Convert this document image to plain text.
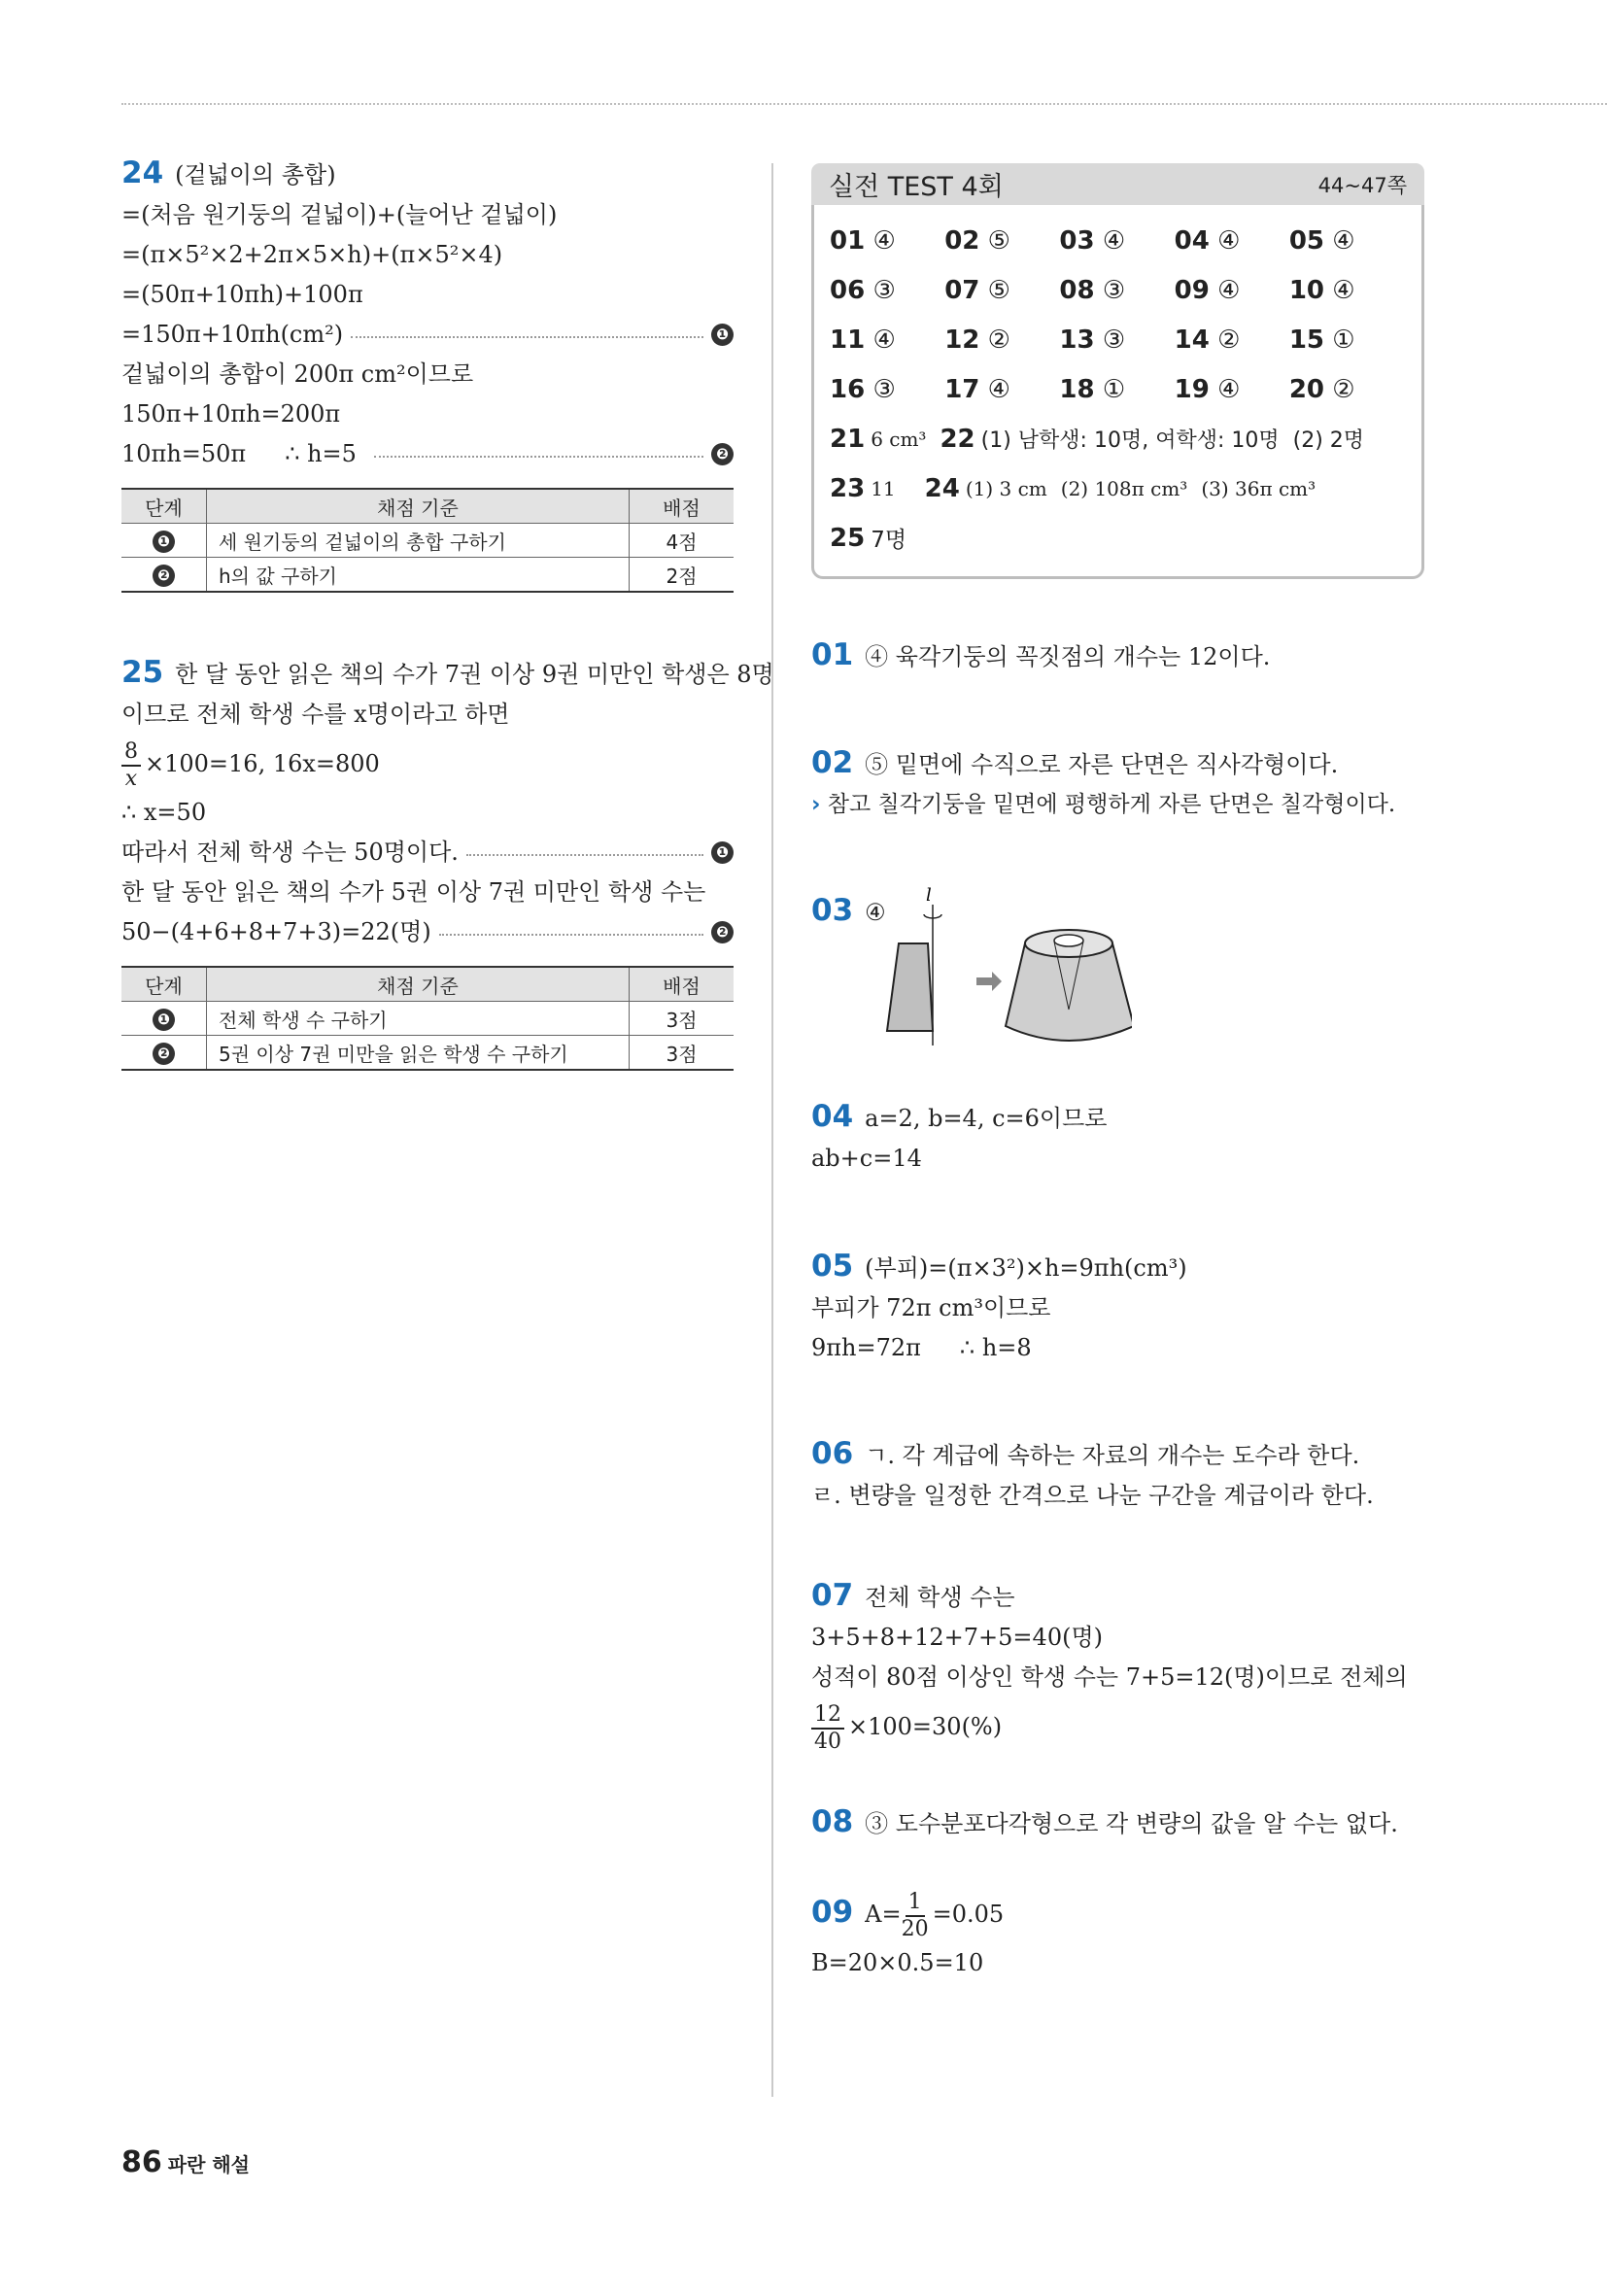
24 (겉넓이의 총합)
=(처음 원기둥의 겉넓이)+(늘어난 겉넓이)
=(π×5²×2+2π×5×h)+(π×5²×4)
=(50π+10πh)+100π
=150π+10πh(cm²)	❶
겉넓이의 총합이 200π cm²이므로
150π+10πh=200π
10πh=50π ∴ h=5	❷
단계	채점 기준	배점
❶	세 원기둥의 겉넓이의 총합 구하기	4점
❷	h의 값 구하기	2점
25 한 달 동안 읽은 책의 수가 7권 이상 9권 미만인 학생은 8명
이므로 전체 학생 수를 x명이라고 하면
$\frac{8}{x} \times 100=16$, 16x=800
∴ x=50
따라서 전체 학생 수는 50명이다.	❶
한 달 동안 읽은 책의 수가 5권 이상 7권 미만인 학생 수는
50−(4+6+8+7+3)=22(명)	❷
단계	채점 기준	배점
❶	전체 학생 수 구하기	3점
❷	5권 이상 7권 미만을 읽은 학생 수 구하기	3점
실전 TEST 4회	44~47쪽
01 ④	02 ⑤	03 ④	04 ④	05 ④
06 ③	07 ⑤	08 ③	09 ④	10 ④
11 ④	12 ②	13 ③	14 ②	15 ①
16 ③	17 ④	18 ①	19 ④	20 ②
21 6 cm³ 22 (1) 남학생: 10명, 여학생: 10명 (2) 2명
23 11 24 (1) 3 cm (2) 108π cm³ (3) 36π cm³
25 7명
01 ④ 육각기둥의 꼭짓점의 개수는 12이다.
02 ⑤ 밑면에 수직으로 자른 단면은 직사각형이다.
› 참고 칠각기둥을 밑면에 평행하게 자른 단면은 칠각형이다.
03 ④
l
04 a=2, b=4, c=6이므로
ab+c=14
05 (부피)=(π×3²)×h=9πh(cm³)
부피가 72π cm³이므로
9πh=72π ∴ h=8
06 ㄱ. 각 계급에 속하는 자료의 개수는 도수라 한다.
ㄹ. 변량을 일정한 간격으로 나눈 구간을 계급이라 한다.
07 전체 학생 수는
3+5+8+12+7+5=40(명)
성적이 80점 이상인 학생 수는 7+5=12(명)이므로 전체의
$\frac{12}{40} \times 100=30(\%)$
08 ③ 도수분포다각형으로 각 변량의 값을 알 수는 없다.
09 $A= \frac{1}{20} =0.05$
B=20×0.5=10
86 파란 해설
